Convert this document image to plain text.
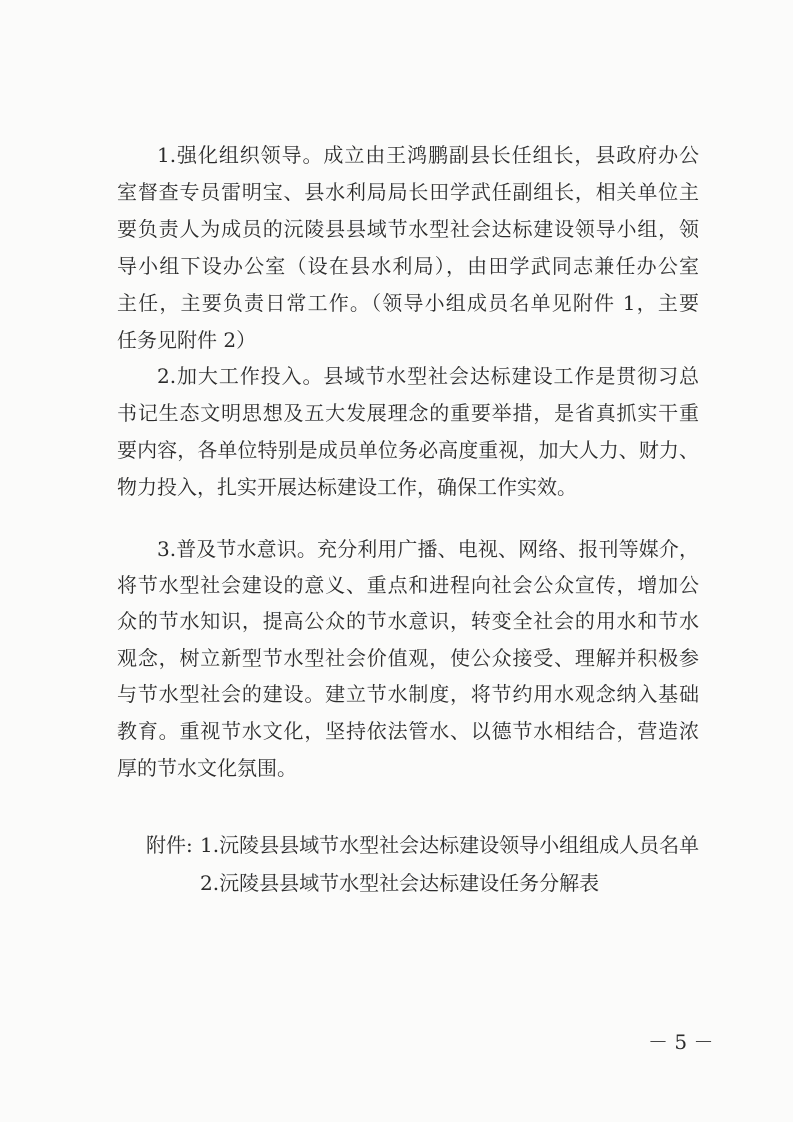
1.强化组织领导。成立由王鸿鹏副县长任组长，县政府办公
室督查专员雷明宝、县水利局局长田学武任副组长，相关单位主
要负责人为成员的沅陵县县域节水型社会达标建设领导小组，领
导小组下设办公室（设在县水利局），由田学武同志兼任办公室
主任，主要负责日常工作。（领导小组成员名单见附件 1，主要
任务见附件 2）
2.加大工作投入。县域节水型社会达标建设工作是贯彻习总
书记生态文明思想及五大发展理念的重要举措，是省真抓实干重
要内容，各单位特别是成员单位务必高度重视，加大人力、财力、
物力投入，扎实开展达标建设工作，确保工作实效。
3.普及节水意识。充分利用广播、电视、网络、报刊等媒介，
将节水型社会建设的意义、重点和进程向社会公众宣传，增加公
众的节水知识，提高公众的节水意识，转变全社会的用水和节水
观念，树立新型节水型社会价值观，使公众接受、理解并积极参
与节水型社会的建设。建立节水制度，将节约用水观念纳入基础
教育。重视节水文化，坚持依法管水、以德节水相结合，营造浓
厚的节水文化氛围。
附件: 1.沅陵县县域节水型社会达标建设领导小组组成人员名单
2.沅陵县县域节水型社会达标建设任务分解表
－ 5 －
